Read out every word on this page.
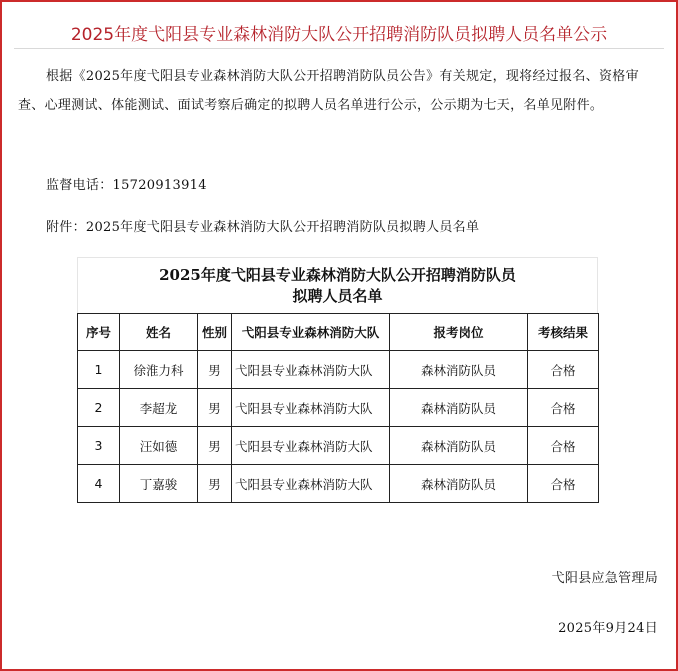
2025年度弋阳县专业森林消防大队公开招聘消防队员拟聘人员名单公示
根据《2025年度弋阳县专业森林消防大队公开招聘消防队员公告》有关规定，现将经过报名、资格审查、心理测试、体能测试、面试考察后确定的拟聘人员名单进行公示，公示期为七天，名单见附件。
监督电话：15720913914
附件：2025年度弋阳县专业森林消防大队公开招聘消防队员拟聘人员名单
2025年度弋阳县专业森林消防大队公开招聘消防队员
拟聘人员名单
序号	姓名	性别	弋阳县专业森林消防大队	报考岗位	考核结果
1	徐淮力科	男	弋阳县专业森林消防大队	森林消防队员	合格
2	李超龙	男	弋阳县专业森林消防大队	森林消防队员	合格
3	汪如德	男	弋阳县专业森林消防大队	森林消防队员	合格
4	丁嘉骏	男	弋阳县专业森林消防大队	森林消防队员	合格
弋阳县应急管理局
2025年9月24日
